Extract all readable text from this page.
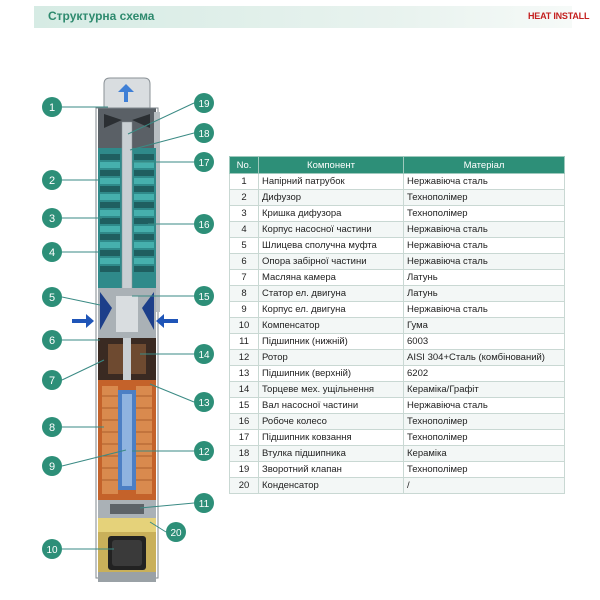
Структурна схема	HEAT INSTALL
1
2
3
4
5
6
7
8
9
10
19
18
17
16
15
14
13
12
11
20
No.	Компонент	Матеріал
1	Напірний патрубок	Нержавіюча сталь
2	Дифузор	Технополімер
3	Кришка дифузора	Технополімер
4	Корпус насосної частини	Нержавіюча сталь
5	Шлицева сполучна муфта	Нержавіюча сталь
6	Опора забірної частини	Нержавіюча сталь
7	Масляна камера	Латунь
8	Статор ел. двигуна	Латунь
9	Корпус ел. двигуна	Нержавіюча сталь
10	Компенсатор	Гума
11	Підшипник (нижній)	6003
12	Ротор	AISI 304+Сталь (комбінований)
13	Підшипник (верхній)	6202
14	Торцеве мех. ущільнення	Кераміка/Графіт
15	Вал насосної частини	Нержавіюча сталь
16	Робоче колесо	Технополімер
17	Підшипник ковзання	Технополімер
18	Втулка підшипника	Кераміка
19	Зворотний клапан	Технополімер
20	Конденсатор	/
